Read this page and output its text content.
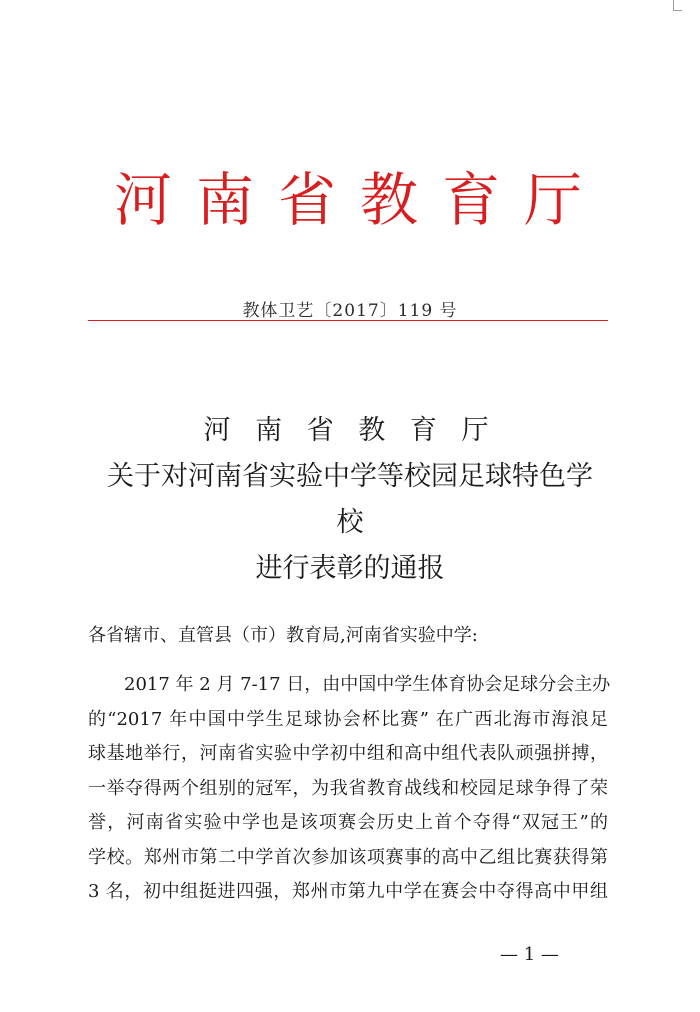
河南省教育厅
教体卫艺〔2017〕119 号
河 南 省 教 育 厅
关于对河南省实验中学等校园足球特色学
校
进行表彰的通报
各省辖市、直管县（市）教育局,河南省实验中学:
2017 年 2 月 7-17 日，由中国中学生体育协会足球分会主办
的“2017 年中国中学生足球协会杯比赛” 在广西北海市海浪足
球基地举行，河南省实验中学初中组和高中组代表队顽强拼搏，
一举夺得两个组别的冠军，为我省教育战线和校园足球争得了荣
誉，河南省实验中学也是该项赛会历史上首个夺得“双冠王”的
学校。郑州市第二中学首次参加该项赛事的高中乙组比赛获得第
3 名，初中组挺进四强，郑州市第九中学在赛会中夺得高中甲组
— 1 —
